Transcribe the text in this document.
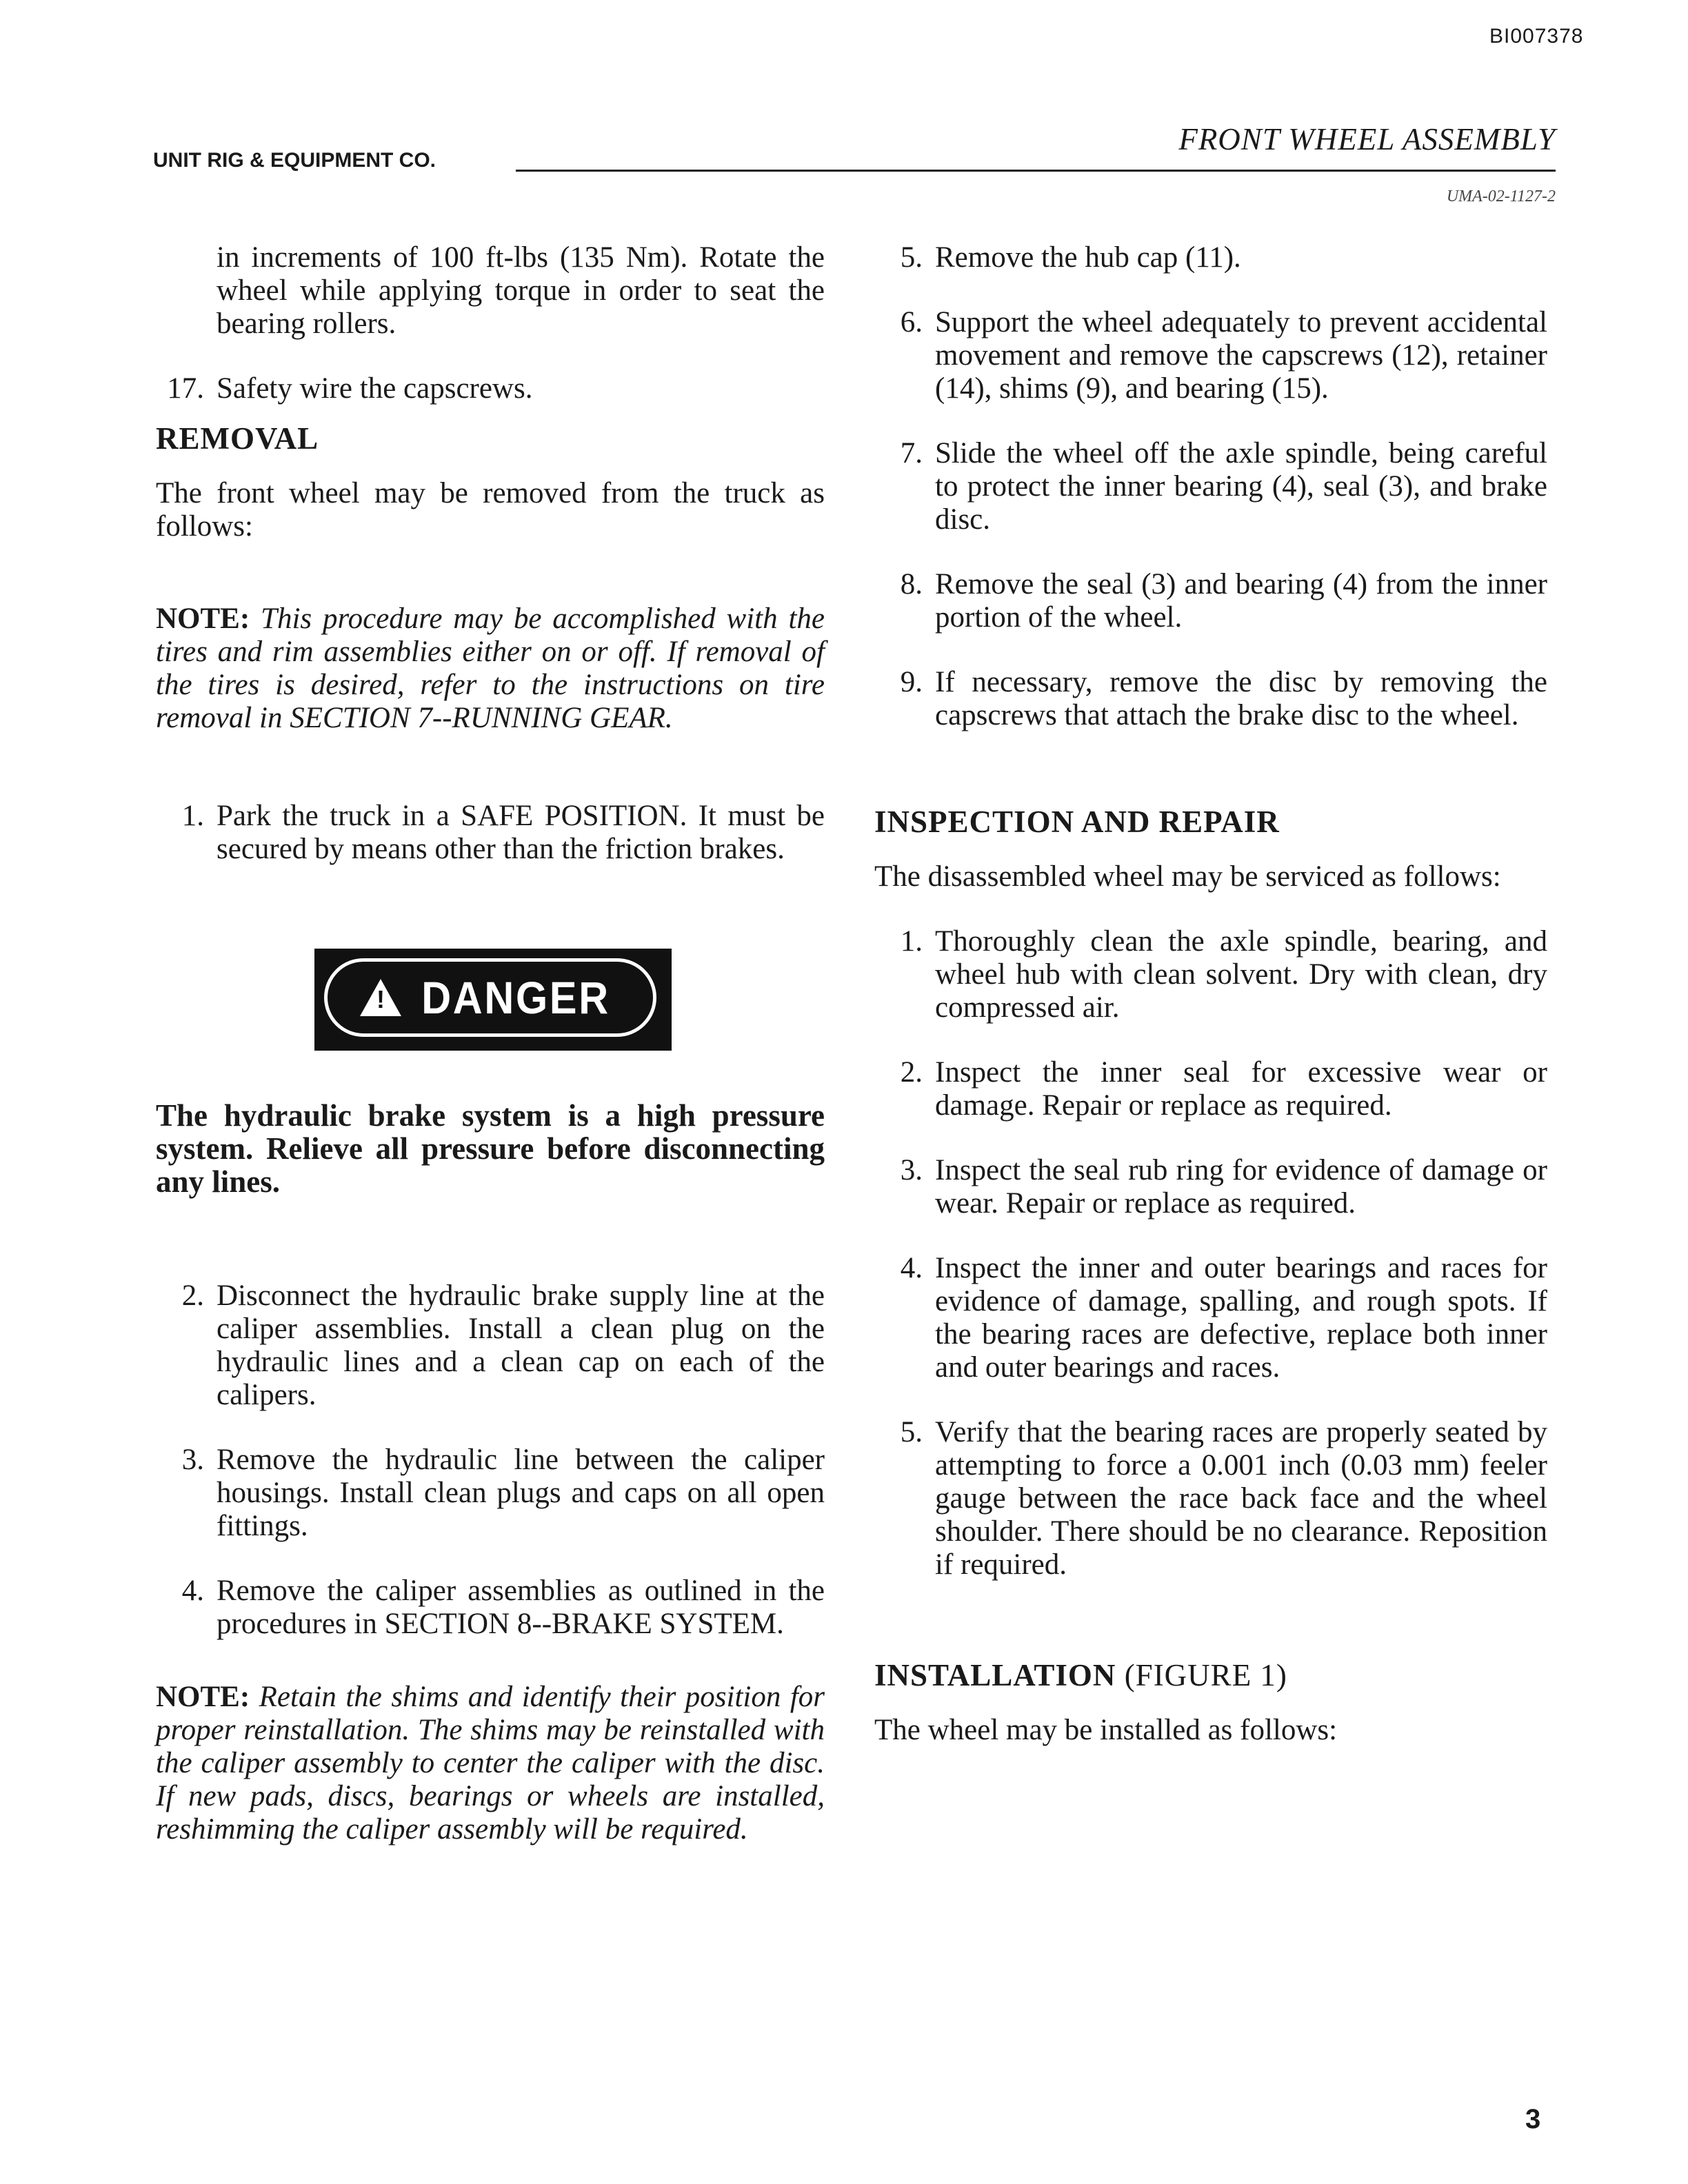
BI007378
UNIT RIG & EQUIPMENT CO.
FRONT WHEEL ASSEMBLY
UMA-02-1127-2
in increments of 100 ft-lbs (135 Nm). Rotate the wheel while applying torque in order to seat the bearing rollers.
17. Safety wire the capscrews.
REMOVAL
The front wheel may be removed from the truck as follows:
NOTE: This procedure may be accomplished with the tires and rim assemblies either on or off. If removal of the tires is desired, refer to the instructions on tire removal in SECTION 7--RUNNING GEAR.
1. Park the truck in a SAFE POSITION. It must be secured by means other than the friction brakes.
! DANGER
The hydraulic brake system is a high pressure system. Relieve all pressure before disconnecting any lines.
2. Disconnect the hydraulic brake supply line at the caliper assemblies. Install a clean plug on the hydraulic lines and a clean cap on each of the calipers.
3. Remove the hydraulic line between the caliper housings. Install clean plugs and caps on all open fittings.
4. Remove the caliper assemblies as outlined in the procedures in SECTION 8--BRAKE SYSTEM.
NOTE: Retain the shims and identify their position for proper reinstallation. The shims may be reinstalled with the caliper assembly to center the caliper with the disc. If new pads, discs, bearings or wheels are installed, reshimming the caliper assembly will be required.
5. Remove the hub cap (11).
6. Support the wheel adequately to prevent accidental movement and remove the capscrews (12), retainer (14), shims (9), and bearing (15).
7. Slide the wheel off the axle spindle, being careful to protect the inner bearing (4), seal (3), and brake disc.
8. Remove the seal (3) and bearing (4) from the inner portion of the wheel.
9. If necessary, remove the disc by removing the capscrews that attach the brake disc to the wheel.
INSPECTION AND REPAIR
The disassembled wheel may be serviced as follows:
1. Thoroughly clean the axle spindle, bearing, and wheel hub with clean solvent. Dry with clean, dry compressed air.
2. Inspect the inner seal for excessive wear or damage. Repair or replace as required.
3. Inspect the seal rub ring for evidence of damage or wear. Repair or replace as required.
4. Inspect the inner and outer bearings and races for evidence of damage, spalling, and rough spots. If the bearing races are defective, replace both inner and outer bearings and races.
5. Verify that the bearing races are properly seated by attempting to force a 0.001 inch (0.03 mm) feeler gauge between the race back face and the wheel shoulder. There should be no clearance. Reposition if required.
INSTALLATION (FIGURE 1)
The wheel may be installed as follows:
3
